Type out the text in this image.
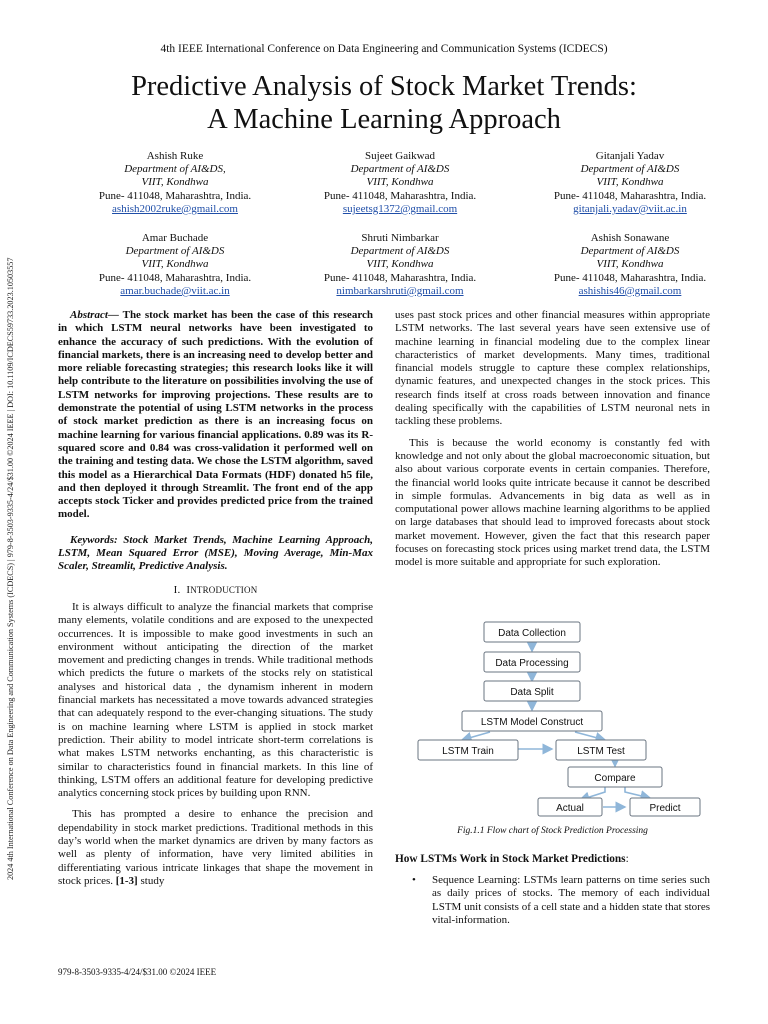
4th IEEE International Conference on Data Engineering and Communication Systems (ICDECS)
Predictive Analysis of Stock Market Trends:
A Machine Learning Approach
2024 4th International Conference on Data Engineering and Communication Systems (ICDECS) | 979-8-3503-9335-4/24/$31.00 ©2024 IEEE | DOI: 10.1109/ICDECS59733.2023.10503557
Ashish Ruke
Department of AI&DS,
VIIT, Kondhwa
Pune- 411048, Maharashtra, India.
ashish2002ruke@gmail.com
Sujeet Gaikwad
Department of AI&DS
VIIT, Kondhwa
Pune- 411048, Maharashtra, India.
sujeetsg1372@gmail.com
Gitanjali Yadav
Department of AI&DS
VIIT, Kondhwa
Pune- 411048, Maharashtra, India.
gitanjali.yadav@viit.ac.in
Amar Buchade
Department of AI&DS
VIIT, Kondhwa
Pune- 411048, Maharashtra, India.
amar.buchade@viit.ac.in
Shruti Nimbarkar
Department of AI&DS
VIIT, Kondhwa
Pune- 411048, Maharashtra, India.
nimbarkarshruti@gmail.com
Ashish Sonawane
Department of AI&DS
VIIT, Kondhwa
Pune- 411048, Maharashtra, India.
ashishis46@gmail.com

Abstract— The stock market has been the case of this research in which LSTM neural networks have been investigated to enhance the accuracy of such predictions. With the evolution of financial markets, there is an increasing need to develop better and more reliable forecasting strategies; this research looks like it will help contribute to the literature on possibilities involving the use of LSTM networks for improving projections. These results are to demonstrate the potential of using LSTM networks in the process of stock market prediction as there is an increasing focus on machine learning for various financial applications. 0.89 was its R-squared score and 0.84 was cross-validation it performed well on the training and testing data. We chose the LSTM algorithm, saved this model as a Hierarchical Data Formats (HDF) donated h5 file, and then deployed it through Streamlit. The front end of the app accepts stock Ticker and provides predicted price from the trained model.

Keywords: Stock Market Trends, Machine Learning Approach, LSTM, Mean Squared Error (MSE), Moving Average, Min-Max Scaler, Streamlit, Predictive Analysis.

I. INTRODUCTION

It is always difficult to analyze the financial markets that comprise many elements, volatile conditions and are exposed to the unexpected occurrences. It is impossible to make good investments in such an environment without anticipating the direction of the market movement and predicting changes in trends. While traditional methods which predicts the future o markets of the stocks rely on statistical analyses and historical data , the dynamism inherent in modern financial markets has necessitated a move towards advanced strategies that can adequately respond to the ever-changing situations. The study is on machine learning where LSTM is applied in stock market prediction. Their ability to model intricate short-term correlations is what makes LSTM networks enchanting, as this characteristic is similar to characteristics found in financial markets. In this line of thinking, LSTM offers an additional feature for developing predictive analytics concerning stock prices by building upon RNN.

This has prompted a desire to enhance the precision and dependability in stock market predictions. Traditional methods in this day’s world when the market dynamics are driven by many factors as well as plenty of information, have very limited abilities in differentiating various intricate linkages that shape the movement in stock prices. [1-3] study

uses past stock prices and other financial measures within appropriate LSTM networks. The last several years have seen extensive use of machine learning in financial modeling due to the complex linear characteristics of market developments. Many times, traditional financial models struggle to capture these complex relationships, dynamic features, and unexpected changes in the stock prices. This research finds itself at cross roads between innovation and finance dealing specifically with the capabilities of LSTM neuronal nets in tackling these problems.

This is because the world economy is constantly fed with knowledge and not only about the global macroeconomic situation, but also about various corporate events in certain companies. Therefore, the financial world looks quite intricate because it cannot be described in simple formulas. Advancements in big data as well as in computational power allows machine learning algorithms to be applied on large databases that should lead to improved forecasts about stock market movement. However, given the fact that this research paper focuses on forecasting stock prices using market trend data, the LSTM model is more suitable and appropriate for such exploration.

Data Collection
Data Processing
Data Split
LSTM Model Construct
LSTM Train	LSTM Test
Compare
Actual	Predict
Fig.1.1 Flow chart of Stock Prediction Processing
How LSTMs Work in Stock Market Predictions:
• Sequence Learning: LSTMs learn patterns on time series such as daily prices of stocks. The memory of each individual LSTM unit consists of a cell state and a hidden state that stores vital-information.
979-8-3503-9335-4/24/$31.00 ©2024 IEEE
